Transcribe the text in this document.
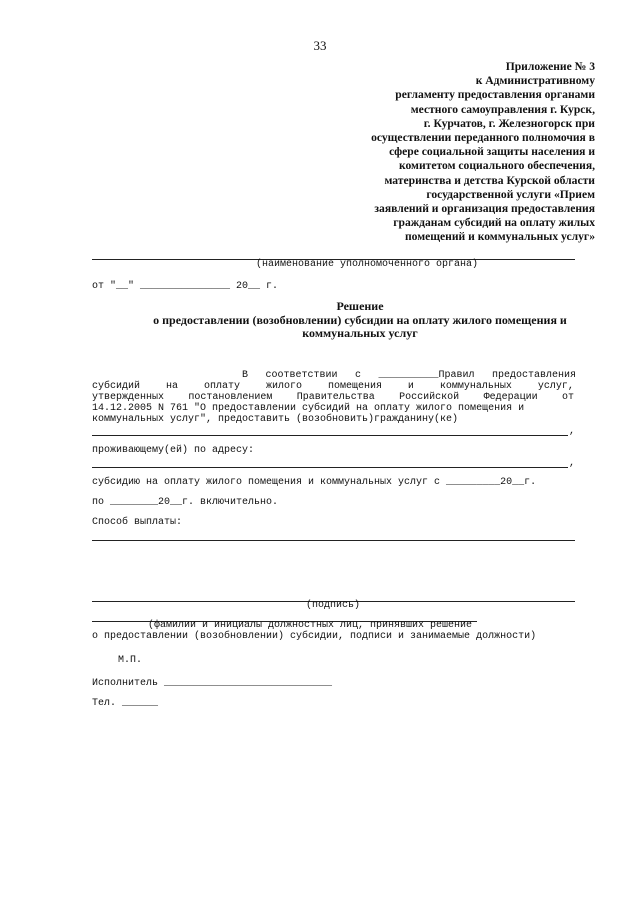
33
Приложение № 3
к Административному
регламенту предоставления органами
местного самоуправления г. Курск,
г. Курчатов, г. Железногорск при
осуществлении переданного полномочия в
сфере социальной защиты населения и
комитетом социального обеспечения,
материнства и детства Курской области
государственной услуги «Прием
заявлений и организация предоставления
гражданам субсидий на оплату жилых
помещений и коммунальных услуг»
(наименование уполномоченного органа)
от "__" _______________ 20__ г.
Решение
о предоставлении (возобновлении) субсидии на оплату жилого помещения и
коммунальных услуг
В соответствии с __________Правил предоставления
субсидий	на	оплату	жилого	помещения	и	коммунальных	услуг,
утвержденных постановлением Правительства Российской Федерации от
14.12.2005 N 761 "О предоставлении субсидий на оплату жилого помещения и
коммунальных услуг", предоставить (возобновить)гражданину(ке)
,
проживающему(ей) по адресу:
,
субсидию на оплату жилого помещения и коммунальных услуг с _________20__г.
по ________20__г. включительно.
Способ выплаты:
(подпись)
(фамилии и инициалы должностных лиц, принявших решение
о предоставлении (возобновлении) субсидии, подписи и занимаемые должности)
М.П.
Исполнитель ____________________________
Тел. ______
